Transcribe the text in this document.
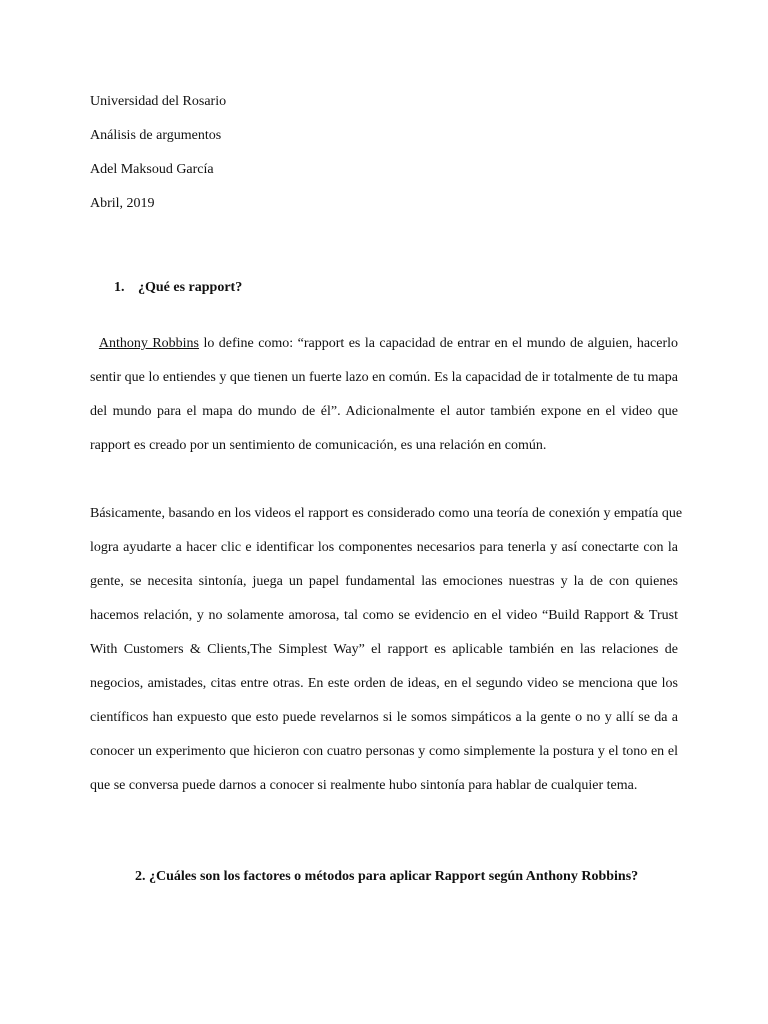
Universidad del Rosario
Análisis de argumentos
Adel Maksoud García
Abril, 2019
1. ¿Qué es rapport?
Anthony Robbins lo define como: “rapport es la capacidad de entrar en el mundo de alguien, hacerlo
sentir que lo entiendes y que tienen un fuerte lazo en común. Es la capacidad de ir totalmente de tu mapa
del mundo para el mapa do mundo de él”. Adicionalmente el autor también expone en el video que
rapport es creado por un sentimiento de comunicación, es una relación en común.
Básicamente, basando en los videos el rapport es considerado como una teoría de conexión y empatía que
logra ayudarte a hacer clic e identificar los componentes necesarios para tenerla y así conectarte con la
gente, se necesita sintonía, juega un papel fundamental las emociones nuestras y la de con quienes
hacemos relación, y no solamente amorosa, tal como se evidencio en el video “Build Rapport & Trust
With Customers & Clients,The Simplest Way” el rapport es aplicable también en las relaciones de
negocios, amistades, citas entre otras. En este orden de ideas, en el segundo video se menciona que los
científicos han expuesto que esto puede revelarnos si le somos simpáticos a la gente o no y allí se da a
conocer un experimento que hicieron con cuatro personas y como simplemente la postura y el tono en el
que se conversa puede darnos a conocer si realmente hubo sintonía para hablar de cualquier tema.
2. ¿Cuáles son los factores o métodos para aplicar Rapport según Anthony Robbins?
